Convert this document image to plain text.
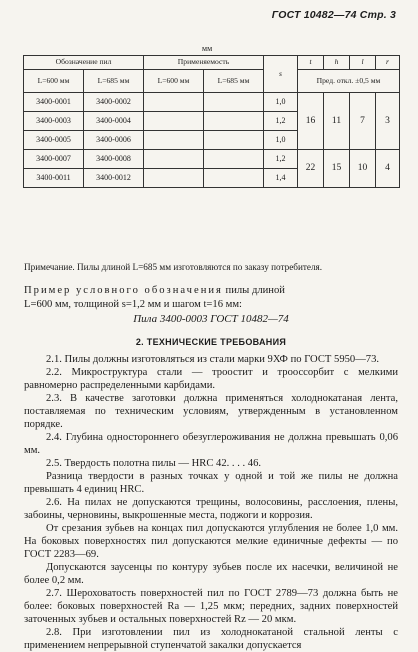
ГОСТ 10482—74 Стр. 3
мм
Обозначение пил		Применяемость		s	t	h	l	r
L=600 мм	L=685 мм	L=600 мм	L=685 мм		Пред. откл. ±0,5 мм			
3400-0001	3400-0002			1,0	16	11	7	3
3400-0003	3400-0004			1,2				
3400-0005	3400-0006			1,0				
3400-0007	3400-0008			1,2	22	15	10	4
3400-0011	3400-0012			1,4				
Примечание. Пилы длиной L=685 мм изготовляются по заказу потребителя.
Пример условного обозначения пилы длиной
L=600 мм, толщиной s=1,2 мм и шагом t=16 мм:
Пила 3400-0003 ГОСТ 10482—74
2. ТЕХНИЧЕСКИЕ ТРЕБОВАНИЯ

2.1. Пилы должны изготовляться из стали марки 9ХФ по ГОСТ 5950—73.

2.2. Микроструктура стали — троостит и трооссорбит с мелкими равномерно распределенными карбидами.

2.3. В качестве заготовки должна применяться холоднокатаная лента, поставляемая по техническим условиям, утвержденным в установленном порядке.

2.4. Глубина одностороннего обезуглероживания не должна превышать 0,06 мм.

2.5. Твердость полотна пилы — HRC 42. . . . 46.

Разница твердости в разных точках у одной и той же пилы не должна превышать 4 единиц HRC.

2.6. На пилах не допускаются трещины, волосовины, расслоения, плены, забоины, черновины, выкрошенные места, поджоги и коррозия.

От срезания зубьев на концах пил допускаются углубления не более 1,0 мм. На боковых поверхностях пил допускаются мелкие единичные дефекты — по ГОСТ 2283—69.

Допускаются заусенцы по контуру зубьев после их насечки, величиной не более 0,2 мм.

2.7. Шероховатость поверхностей пил по ГОСТ 2789—73 должна быть не более: боковых поверхностей Ra — 1,25 мкм; передних, задних поверхностей заточенных зубьев и остальных поверхностей Rz — 20 мкм.

2.8. При изготовлении пил из холоднокатаной стальной ленты с применением непрерывной ступенчатой закалки допускается
